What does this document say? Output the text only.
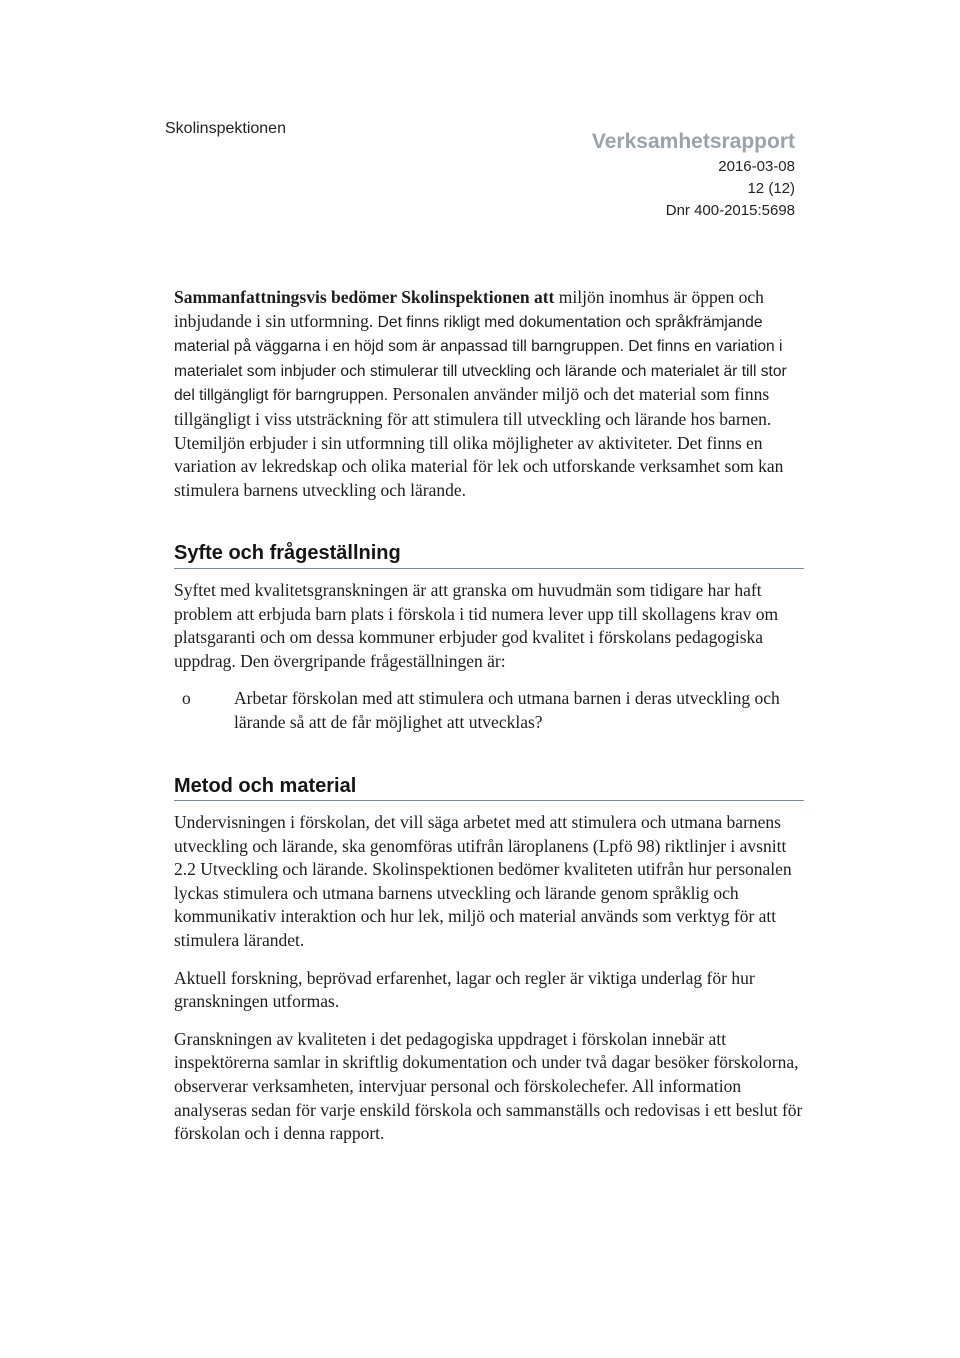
Skolinspektionen
Verksamhetsrapport
2016-03-08
12 (12)
Dnr 400-2015:5698

Sammanfattningsvis bedömer Skolinspektionen att miljön inomhus är öppen och inbjudande i sin utformning. Det finns rikligt med dokumentation och språkfrämjande material på väggarna i en höjd som är anpassad till barngruppen. Det finns en variation i materialet som inbjuder och stimulerar till utveckling och lärande och materialet är till stor del tillgängligt för barngruppen. Personalen använder miljö och det material som finns tillgängligt i viss utsträckning för att stimulera till utveckling och lärande hos barnen. Utemiljön erbjuder i sin utformning till olika möjligheter av aktiviteter. Det finns en variation av lekredskap och olika material för lek och utforskande verksamhet som kan stimulera barnens utveckling och lärande.

Syfte och frågeställning

Syftet med kvalitetsgranskningen är att granska om huvudmän som tidigare har haft problem att erbjuda barn plats i förskola i tid numera lever upp till skollagens krav om platsgaranti och om dessa kommuner erbjuder god kvalitet i förskolans pedagogiska uppdrag. Den övergripande frågeställningen är:

o	Arbetar förskolan med att stimulera och utmana barnen i deras utveckling och lärande så att de får möjlighet att utvecklas?
Metod och material

Undervisningen i förskolan, det vill säga arbetet med att stimulera och utmana barnens utveckling och lärande, ska genomföras utifrån läroplanens (Lpfö 98) riktlinjer i avsnitt 2.2 Utveckling och lärande. Skolinspektionen bedömer kvaliteten utifrån hur personalen lyckas stimulera och utmana barnens utveckling och lärande genom språklig och kommunikativ interaktion och hur lek, miljö och material används som verktyg för att stimulera lärandet.

Aktuell forskning, beprövad erfarenhet, lagar och regler är viktiga underlag för hur granskningen utformas.

Granskningen av kvaliteten i det pedagogiska uppdraget i förskolan innebär att inspektörerna samlar in skriftlig dokumentation och under två dagar besöker förskolorna, observerar verksamheten, intervjuar personal och förskolechefer. All information analyseras sedan för varje enskild förskola och sammanställs och redovisas i ett beslut för förskolan och i denna rapport.
